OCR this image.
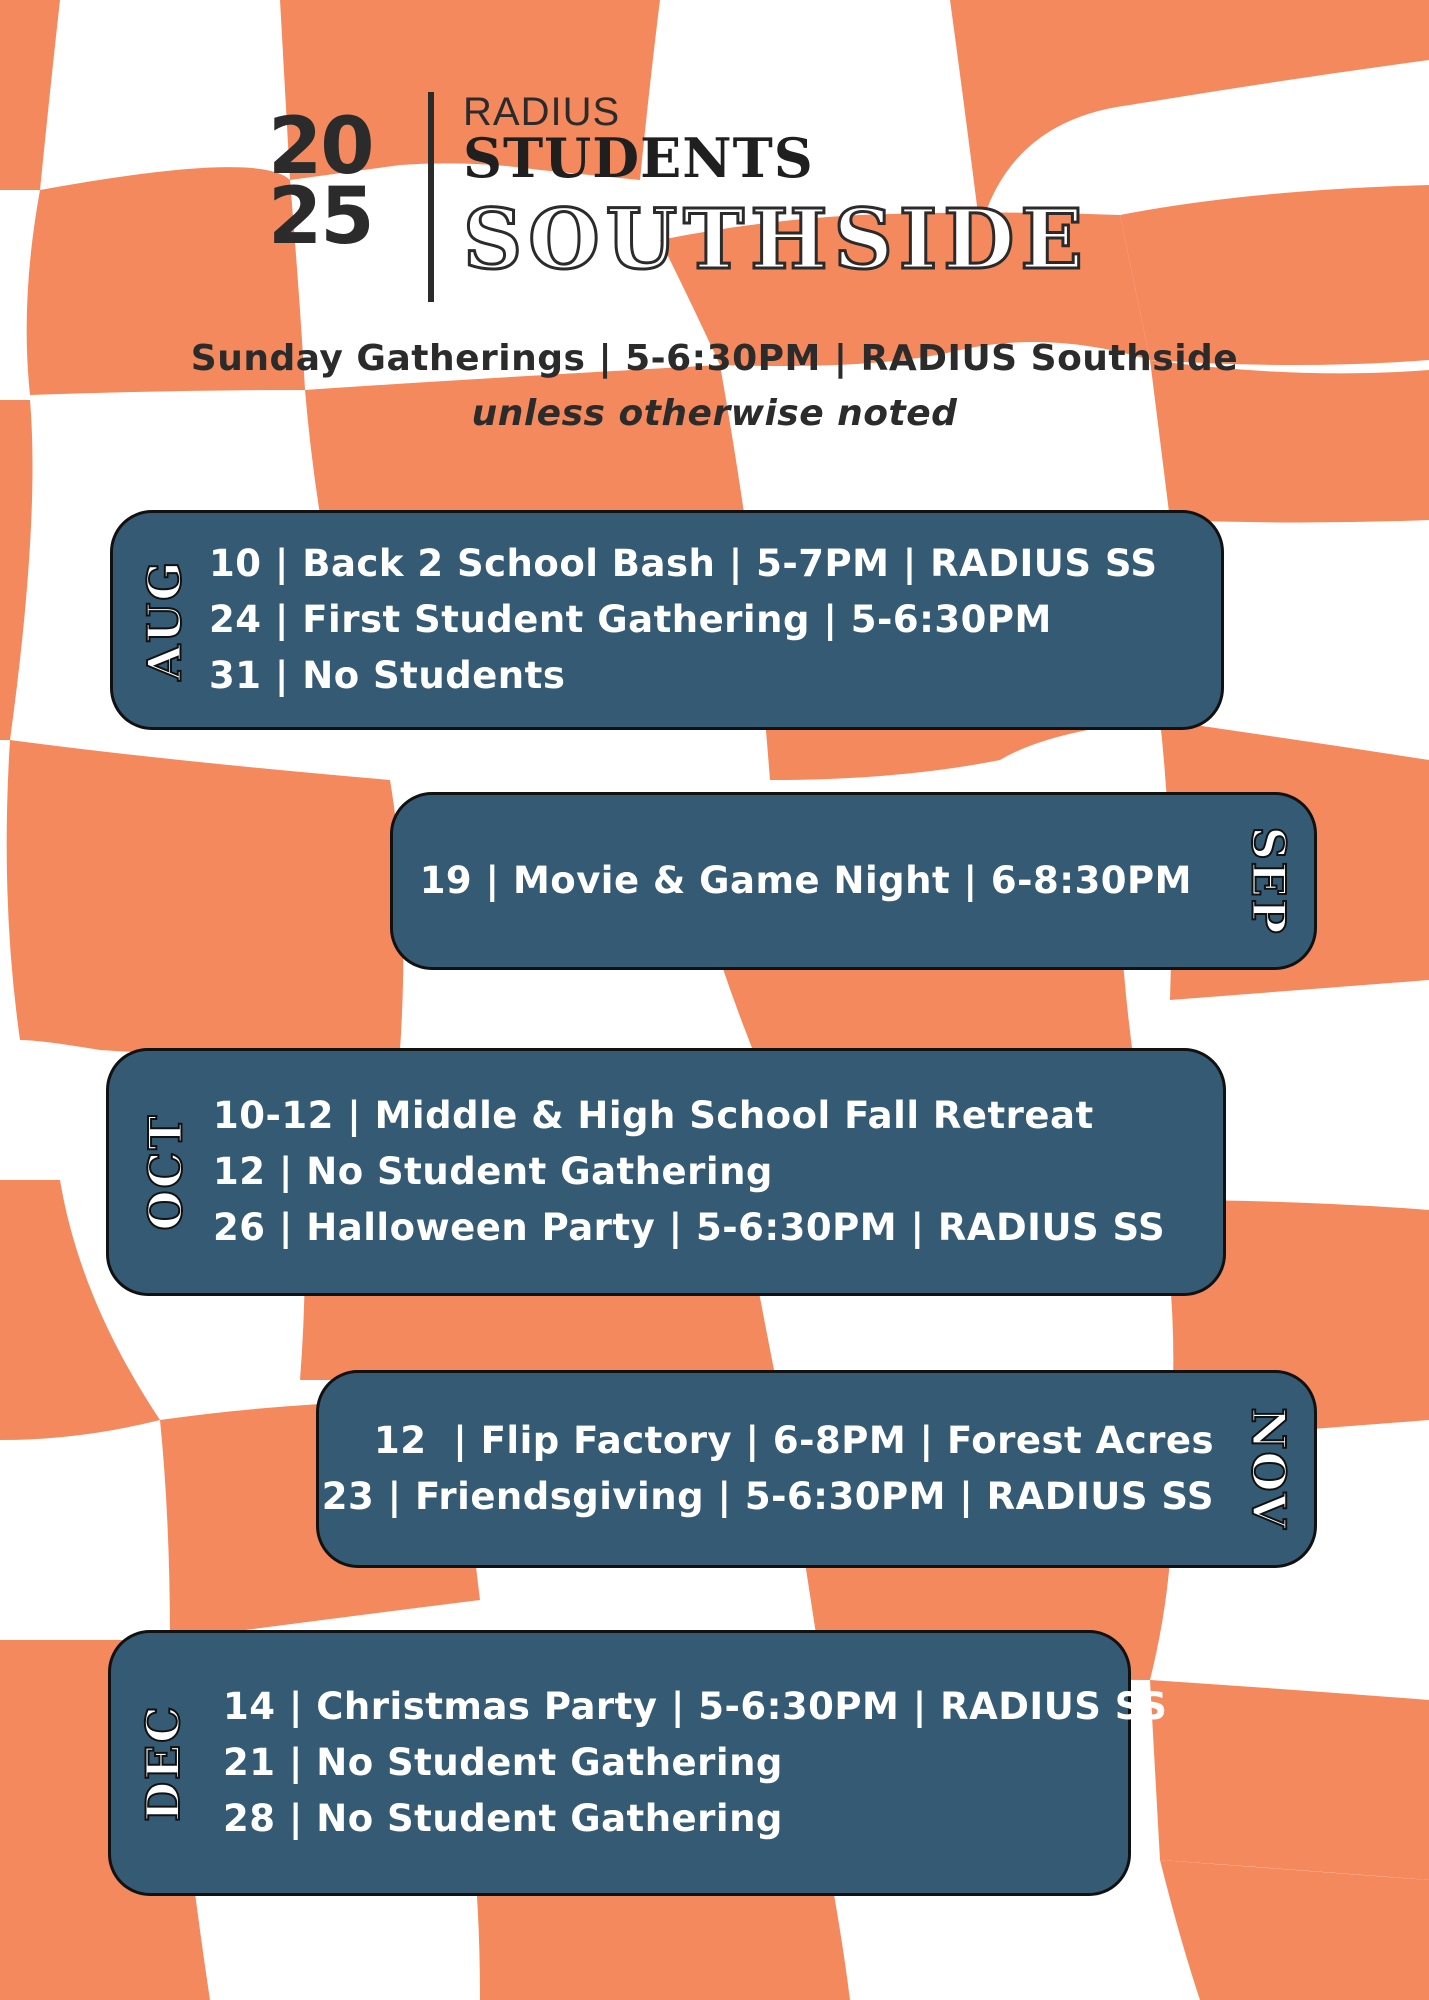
20
25
RADIUS
STUDENTS
SOUTHSIDE
Sunday Gatherings | 5-6:30PM | RADIUS Southside
unless otherwise noted
AUG 10 | Back 2 School Bash | 5-7PM | RADIUS SS
24 | First Student Gathering | 5-6:30PM
31 | No Students
19 | Movie & Game Night | 6-8:30PM SEP
OCT 10-12 | Middle & High School Fall Retreat
12 | No Student Gathering
26 | Halloween Party | 5-6:30PM | RADIUS SS
12  | Flip Factory | 6-8PM | Forest Acres
23 | Friendsgiving | 5-6:30PM | RADIUS SS NOV
DEC 14 | Christmas Party | 5-6:30PM | RADIUS SS
21 | No Student Gathering
28 | No Student Gathering
